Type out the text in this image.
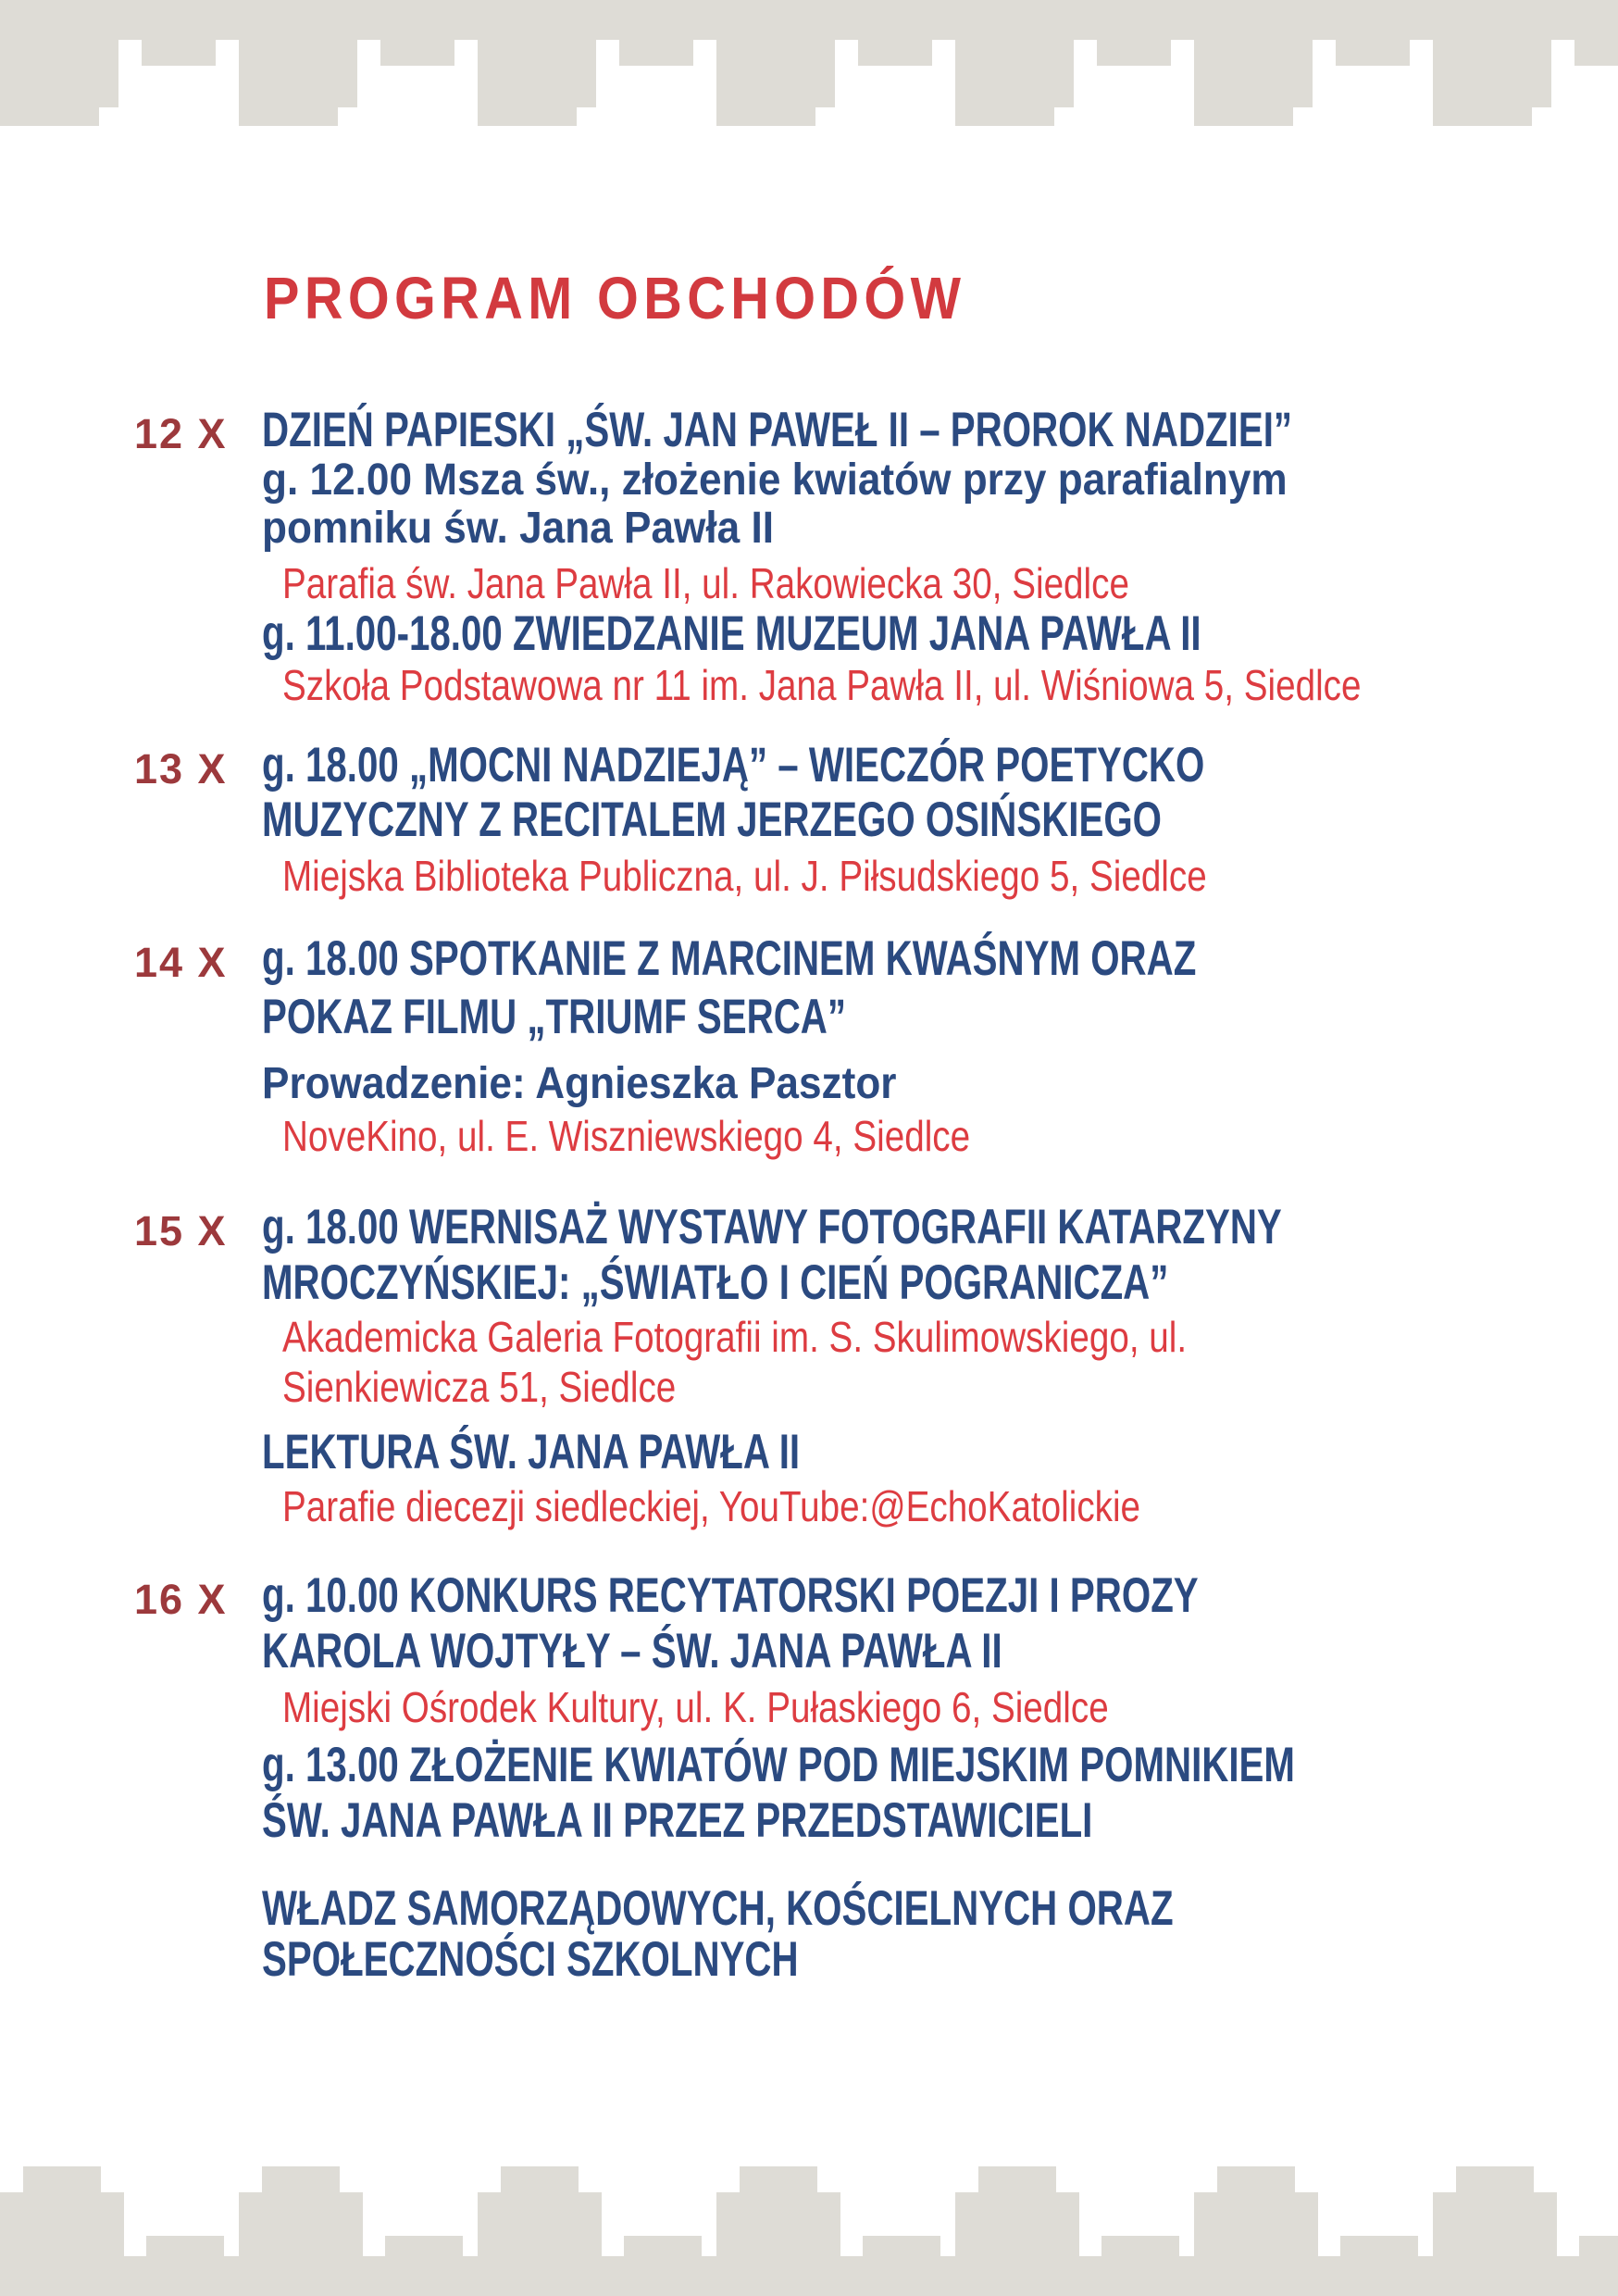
PROGRAM OBCHODÓW
12 X DZIEŃ PAPIESKI „ŚW. JAN PAWEŁ II – PROROK NADZIEI”
g. 12.00 Msza św., złożenie kwiatów przy parafialnym
pomniku św. Jana Pawła II
Parafia św. Jana Pawła II, ul. Rakowiecka 30, Siedlce
g. 11.00-18.00 ZWIEDZANIE MUZEUM JANA PAWŁA II
Szkoła Podstawowa nr 11 im. Jana Pawła II, ul. Wiśniowa 5, Siedlce
13 X g. 18.00 „MOCNI NADZIEJĄ” – WIECZÓR POETYCKO
MUZYCZNY Z RECITALEM JERZEGO OSIŃSKIEGO
Miejska Biblioteka Publiczna, ul. J. Piłsudskiego 5, Siedlce
14 X g. 18.00 SPOTKANIE Z MARCINEM KWAŚNYM ORAZ
POKAZ FILMU „TRIUMF SERCA”
Prowadzenie: Agnieszka Pasztor
NoveKino, ul. E. Wiszniewskiego 4, Siedlce
15 X g. 18.00 WERNISAŻ WYSTAWY FOTOGRAFII KATARZYNY
MROCZYŃSKIEJ: „ŚWIATŁO I CIEŃ POGRANICZA”
Akademicka Galeria Fotografii im. S. Skulimowskiego, ul.
Sienkiewicza 51, Siedlce
LEKTURA ŚW. JANA PAWŁA II
Parafie diecezji siedleckiej, YouTube:@EchoKatolickie
16 X g. 10.00 KONKURS RECYTATORSKI POEZJI I PROZY
KAROLA WOJTYŁY – ŚW. JANA PAWŁA II
Miejski Ośrodek Kultury, ul. K. Pułaskiego 6, Siedlce
g. 13.00 ZŁOŻENIE KWIATÓW POD MIEJSKIM POMNIKIEM
ŚW. JANA PAWŁA II PRZEZ PRZEDSTAWICIELI
WŁADZ SAMORZĄDOWYCH, KOŚCIELNYCH ORAZ
SPOŁECZNOŚCI SZKOLNYCH
